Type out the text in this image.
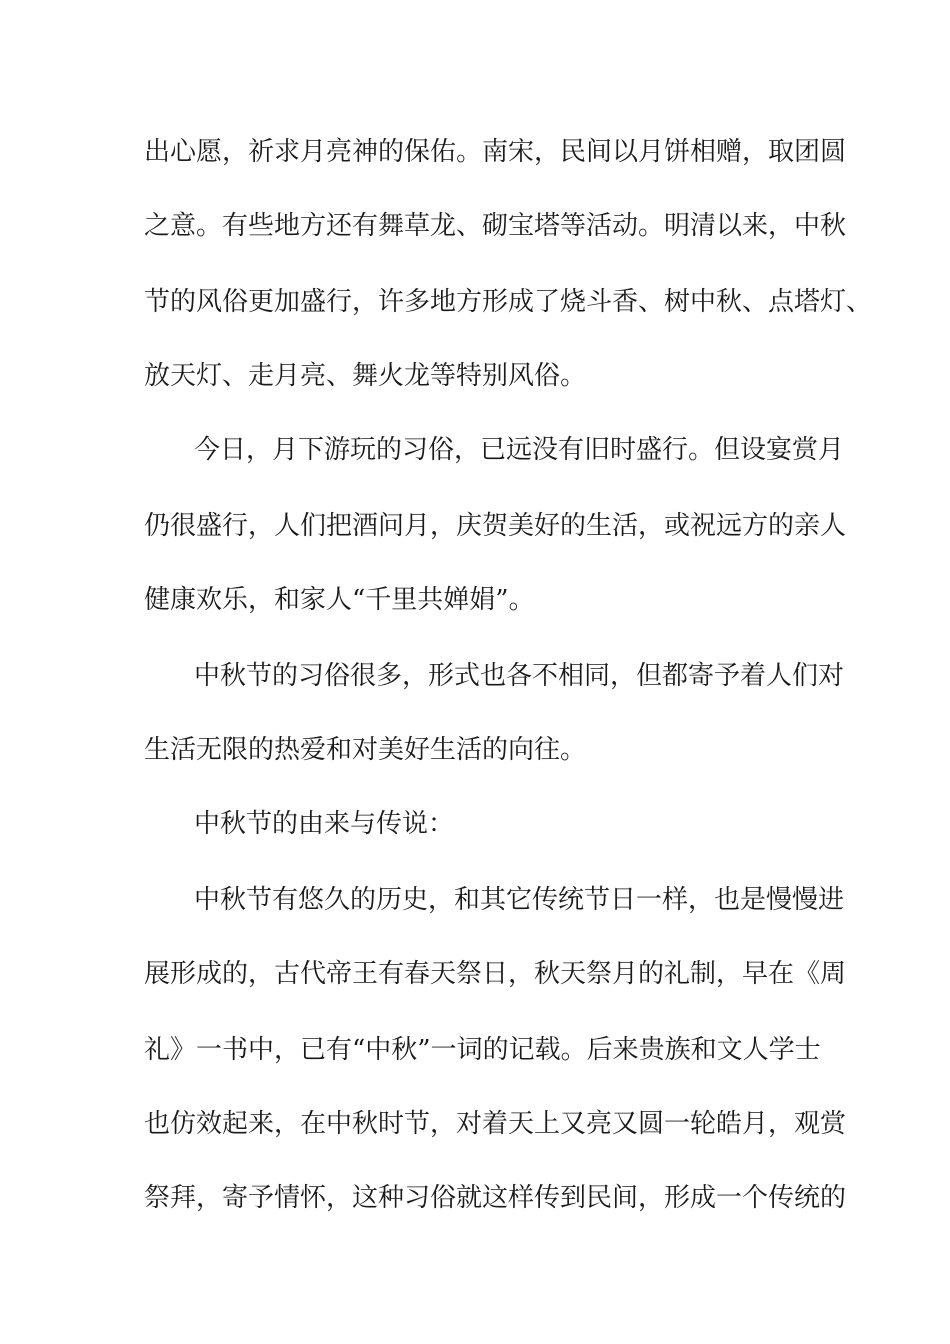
出心愿，祈求月亮神的保佑。南宋，民间以月饼相赠，取团圆
之意。有些地方还有舞草龙、砌宝塔等活动。明清以来，中秋
节的风俗更加盛行，许多地方形成了烧斗香、树中秋、点塔灯、
放天灯、走月亮、舞火龙等特别风俗。
今日，月下游玩的习俗，已远没有旧时盛行。但设宴赏月
仍很盛行，人们把酒问月，庆贺美好的生活，或祝远方的亲人
健康欢乐，和家人“千里共婵娟”。
中秋节的习俗很多，形式也各不相同，但都寄予着人们对
生活无限的热爱和对美好生活的向往。
中秋节的由来与传说：
中秋节有悠久的历史，和其它传统节日一样，也是慢慢进
展形成的，古代帝王有春天祭日，秋天祭月的礼制，早在《周
礼》一书中，已有“中秋”一词的记载。后来贵族和文人学士
也仿效起来，在中秋时节，对着天上又亮又圆一轮皓月，观赏
祭拜，寄予情怀，这种习俗就这样传到民间，形成一个传统的
